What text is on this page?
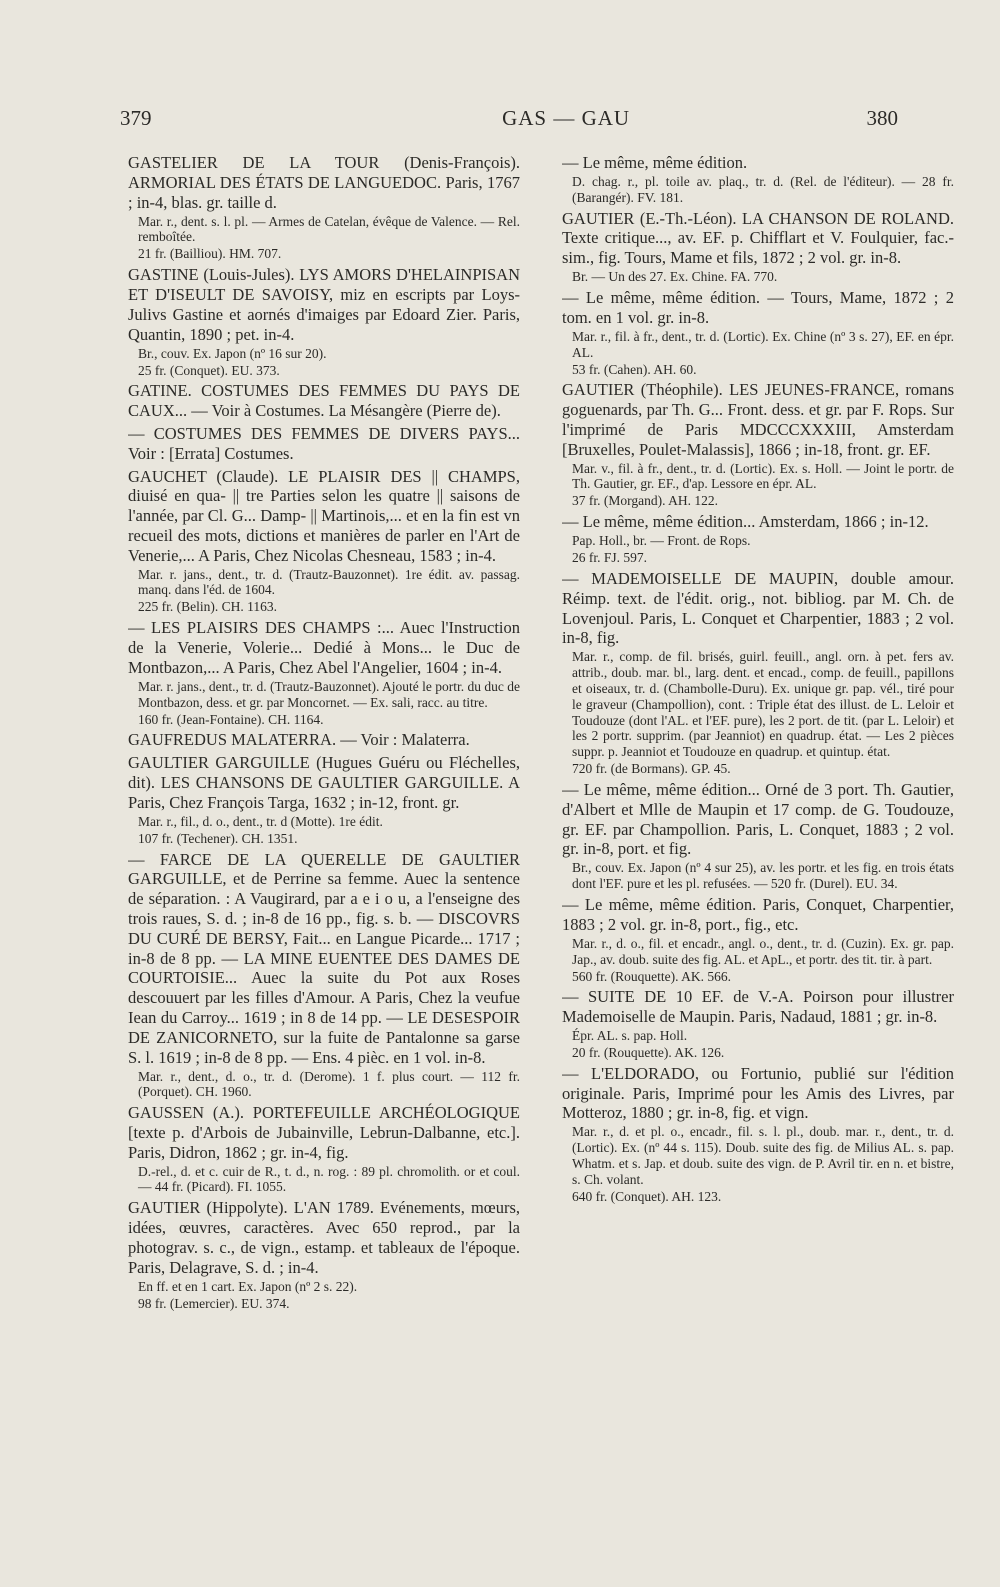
379	GAS — GAU	380

GASTELIER DE LA TOUR (Denis-François). ARMORIAL DES ÉTATS DE LANGUEDOC. Paris, 1767 ; in-4, blas. gr. taille d.

Mar. r., dent. s. l. pl. — Armes de Catelan, évêque de Valence. — Rel. remboîtée.

21 fr. (Bailliou). HM. 707.

GASTINE (Louis-Jules). LYS AMORS D'HELAINPISAN ET D'ISEULT DE SAVOISY, miz en escripts par Loys-Julivs Gastine et aornés d'imaiges par Edoard Zier. Paris, Quantin, 1890 ; pet. in-4.

Br., couv. Ex. Japon (nº 16 sur 20).

25 fr. (Conquet). EU. 373.

GATINE. COSTUMES DES FEMMES DU PAYS DE CAUX... — Voir à Costumes. La Mésangère (Pierre de).

— COSTUMES DES FEMMES DE DIVERS PAYS... Voir : [Errata] Costumes.

GAUCHET (Claude). LE PLAISIR DES || CHAMPS, diuisé en qua- || tre Parties selon les quatre || saisons de l'année, par Cl. G... Damp- || Martinois,... et en la fin est vn recueil des mots, dictions et manières de parler en l'Art de Venerie,... A Paris, Chez Nicolas Chesneau, 1583 ; in-4.

Mar. r. jans., dent., tr. d. (Trautz-Bauzonnet). 1re édit. av. passag. manq. dans l'éd. de 1604.

225 fr. (Belin). CH. 1163.

— LES PLAISIRS DES CHAMPS :... Auec l'Instruction de la Venerie, Volerie... Dedié à Mons... le Duc de Montbazon,... A Paris, Chez Abel l'Angelier, 1604 ; in-4.

Mar. r. jans., dent., tr. d. (Trautz-Bauzonnet). Ajouté le portr. du duc de Montbazon, dess. et gr. par Moncornet. — Ex. sali, racc. au titre.

160 fr. (Jean-Fontaine). CH. 1164.

GAUFREDUS MALATERRA. — Voir : Malaterra.

GAULTIER GARGUILLE (Hugues Guéru ou Fléchelles, dit). LES CHANSONS DE GAULTIER GARGUILLE. A Paris, Chez François Targa, 1632 ; in-12, front. gr.

Mar. r., fil., d. o., dent., tr. d (Motte). 1re édit.

107 fr. (Techener). CH. 1351.

— FARCE DE LA QUERELLE DE GAULTIER GARGUILLE, et de Perrine sa femme. Auec la sentence de séparation. : A Vaugirard, par a e i o u, a l'enseigne des trois raues, S. d. ; in-8 de 16 pp., fig. s. b. — DISCOVRS DU CURÉ DE BERSY, Fait... en Langue Picarde... 1717 ; in-8 de 8 pp. — LA MINE EUENTEE DES DAMES DE COURTOISIE... Auec la suite du Pot aux Roses descouuert par les filles d'Amour. A Paris, Chez la veufue Iean du Carroy... 1619 ; in 8 de 14 pp. — LE DESESPOIR DE ZANICORNETO, sur la fuite de Pantalonne sa garse S. l. 1619 ; in-8 de 8 pp. — Ens. 4 pièc. en 1 vol. in-8.

Mar. r., dent., d. o., tr. d. (Derome). 1 f. plus court. — 112 fr. (Porquet). CH. 1960.

GAUSSEN (A.). PORTEFEUILLE ARCHÉOLOGIQUE [texte p. d'Arbois de Jubainville, Lebrun-Dalbanne, etc.]. Paris, Didron, 1862 ; gr. in-4, fig.

D.-rel., d. et c. cuir de R., t. d., n. rog. : 89 pl. chromolith. or et coul. — 44 fr. (Picard). FI. 1055.

GAUTIER (Hippolyte). L'AN 1789. Evénements, mœurs, idées, œuvres, caractères. Avec 650 reprod., par la photograv. s. c., de vign., estamp. et tableaux de l'époque. Paris, Delagrave, S. d. ; in-4.

En ff. et en 1 cart. Ex. Japon (nº 2 s. 22).

98 fr. (Lemercier). EU. 374.

— Le même, même édition.

D. chag. r., pl. toile av. plaq., tr. d. (Rel. de l'éditeur). — 28 fr. (Barangér). FV. 181.

GAUTIER (E.-Th.-Léon). LA CHANSON DE ROLAND. Texte critique..., av. EF. p. Chifflart et V. Foulquier, fac.-sim., fig. Tours, Mame et fils, 1872 ; 2 vol. gr. in-8.

Br. — Un des 27. Ex. Chine. FA. 770.

— Le même, même édition. — Tours, Mame, 1872 ; 2 tom. en 1 vol. gr. in-8.

Mar. r., fil. à fr., dent., tr. d. (Lortic). Ex. Chine (nº 3 s. 27), EF. en épr. AL.

53 fr. (Cahen). AH. 60.

GAUTIER (Théophile). LES JEUNES-FRANCE, romans goguenards, par Th. G... Front. dess. et gr. par F. Rops. Sur l'imprimé de Paris MDCCCXXXIII, Amsterdam [Bruxelles, Poulet-Malassis], 1866 ; in-18, front. gr. EF.

Mar. v., fil. à fr., dent., tr. d. (Lortic). Ex. s. Holl. — Joint le portr. de Th. Gautier, gr. EF., d'ap. Lessore en épr. AL.

37 fr. (Morgand). AH. 122.

— Le même, même édition... Amsterdam, 1866 ; in-12.

Pap. Holl., br. — Front. de Rops.

26 fr. FJ. 597.

— MADEMOISELLE DE MAUPIN, double amour. Réimp. text. de l'édit. orig., not. bibliog. par M. Ch. de Lovenjoul. Paris, L. Conquet et Charpentier, 1883 ; 2 vol. in-8, fig.

Mar. r., comp. de fil. brisés, guirl. feuill., angl. orn. à pet. fers av. attrib., doub. mar. bl., larg. dent. et encad., comp. de feuill., papillons et oiseaux, tr. d. (Chambolle-Duru). Ex. unique gr. pap. vél., tiré pour le graveur (Champollion), cont. : Triple état des illust. de L. Leloir et Toudouze (dont l'AL. et l'EF. pure), les 2 port. de tit. (par L. Leloir) et les 2 portr. supprim. (par Jeanniot) en quadrup. état. — Les 2 pièces suppr. p. Jeanniot et Toudouze en quadrup. et quintup. état.

720 fr. (de Bormans). GP. 45.

— Le même, même édition... Orné de 3 port. Th. Gautier, d'Albert et Mlle de Maupin et 17 comp. de G. Toudouze, gr. EF. par Champollion. Paris, L. Conquet, 1883 ; 2 vol. gr. in-8, port. et fig.

Br., couv. Ex. Japon (nº 4 sur 25), av. les portr. et les fig. en trois états dont l'EF. pure et les pl. refusées. — 520 fr. (Durel). EU. 34.

— Le même, même édition. Paris, Conquet, Charpentier, 1883 ; 2 vol. gr. in-8, port., fig., etc.

Mar. r., d. o., fil. et encadr., angl. o., dent., tr. d. (Cuzin). Ex. gr. pap. Jap., av. doub. suite des fig. AL. et ApL., et portr. des tit. tir. à part.

560 fr. (Rouquette). AK. 566.

— SUITE DE 10 EF. de V.-A. Poirson pour illustrer Mademoiselle de Maupin. Paris, Nadaud, 1881 ; gr. in-8.

Épr. AL. s. pap. Holl.

20 fr. (Rouquette). AK. 126.

— L'ELDORADO, ou Fortunio, publié sur l'édition originale. Paris, Imprimé pour les Amis des Livres, par Motteroz, 1880 ; gr. in-8, fig. et vign.

Mar. r., d. et pl. o., encadr., fil. s. l. pl., doub. mar. r., dent., tr. d. (Lortic). Ex. (nº 44 s. 115). Doub. suite des fig. de Milius AL. s. pap. Whatm. et s. Jap. et doub. suite des vign. de P. Avril tir. en n. et bistre, s. Ch. volant.

640 fr. (Conquet). AH. 123.
